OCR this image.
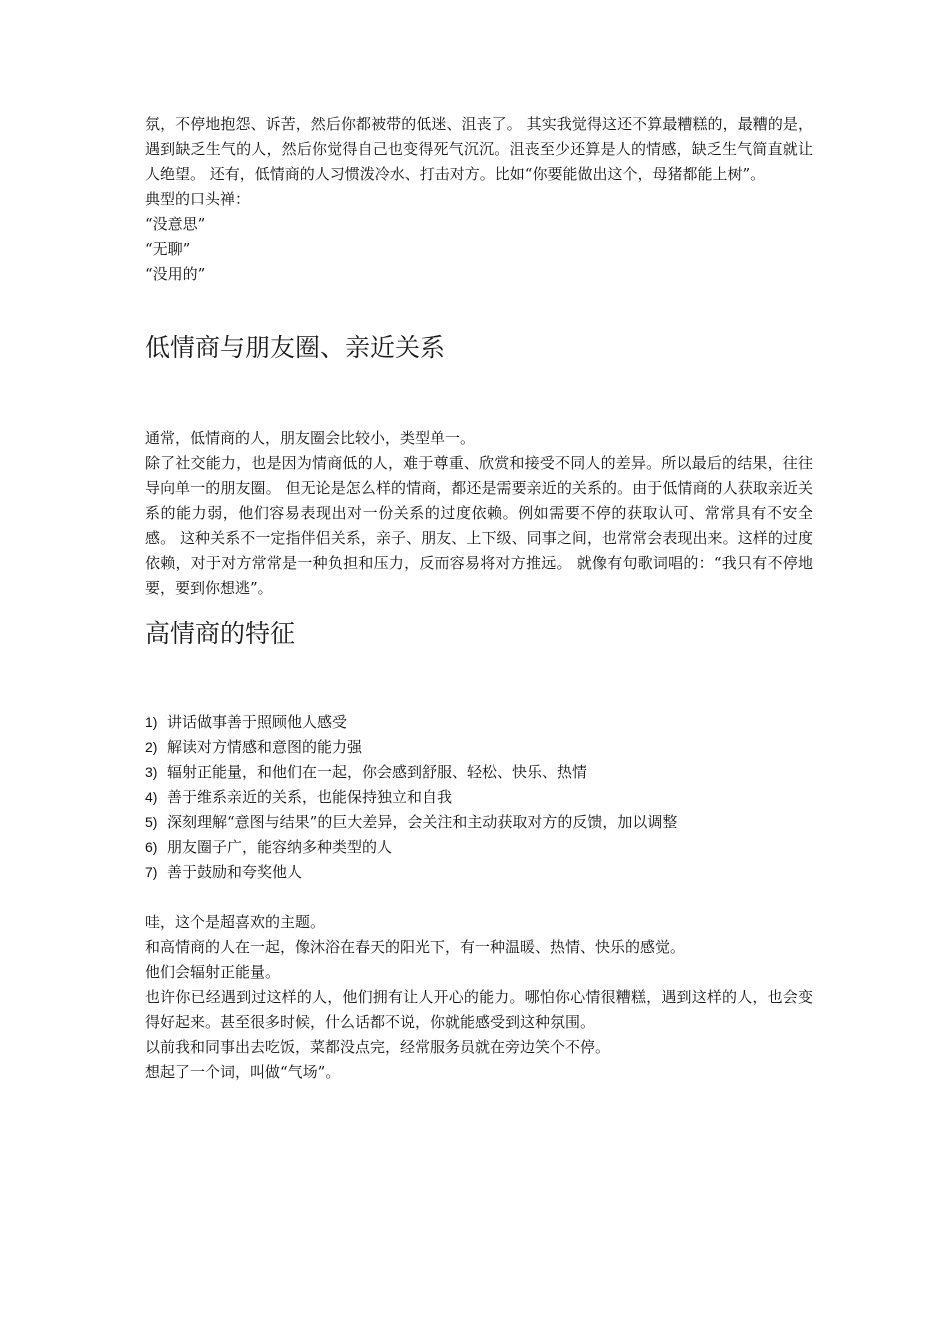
氛，不停地抱怨、诉苦，然后你都被带的低迷、沮丧了。 其实我觉得这还不算最糟糕的，最糟的是，遇到缺乏生气的人，然后你觉得自己也变得死气沉沉。沮丧至少还算是人的情感，缺乏生气简直就让人绝望。 还有，低情商的人习惯泼冷水、打击对方。比如“你要能做出这个，母猪都能上树”。

典型的口头禅：

“没意思”

“无聊”

“没用的”

低情商与朋友圈、亲近关系

通常，低情商的人，朋友圈会比较小，类型单一。

除了社交能力，也是因为情商低的人，难于尊重、欣赏和接受不同人的差异。所以最后的结果，往往导向单一的朋友圈。 但无论是怎么样的情商，都还是需要亲近的关系的。由于低情商的人获取亲近关系的能力弱，他们容易表现出对一份关系的过度依赖。例如需要不停的获取认可、常常具有不安全感。 这种关系不一定指伴侣关系，亲子、朋友、上下级、同事之间，也常常会表现出来。这样的过度依赖，对于对方常常是一种负担和压力，反而容易将对方推远。 就像有句歌词唱的：“我只有不停地要，要到你想逃”。

高情商的特征
1) 讲话做事善于照顾他人感受
2) 解读对方情感和意图的能力强
3) 辐射正能量，和他们在一起，你会感到舒服、轻松、快乐、热情
4) 善于维系亲近的关系，也能保持独立和自我
5) 深刻理解“意图与结果”的巨大差异，会关注和主动获取对方的反馈，加以调整
6) 朋友圈子广，能容纳多种类型的人
7) 善于鼓励和夸奖他人

哇，这个是超喜欢的主题。

和高情商的人在一起，像沐浴在春天的阳光下，有一种温暖、热情、快乐的感觉。

他们会辐射正能量。

也许你已经遇到过这样的人，他们拥有让人开心的能力。哪怕你心情很糟糕，遇到这样的人，也会变得好起来。甚至很多时候，什么话都不说，你就能感受到这种氛围。

以前我和同事出去吃饭，菜都没点完，经常服务员就在旁边笑个不停。

想起了一个词，叫做“气场”。
